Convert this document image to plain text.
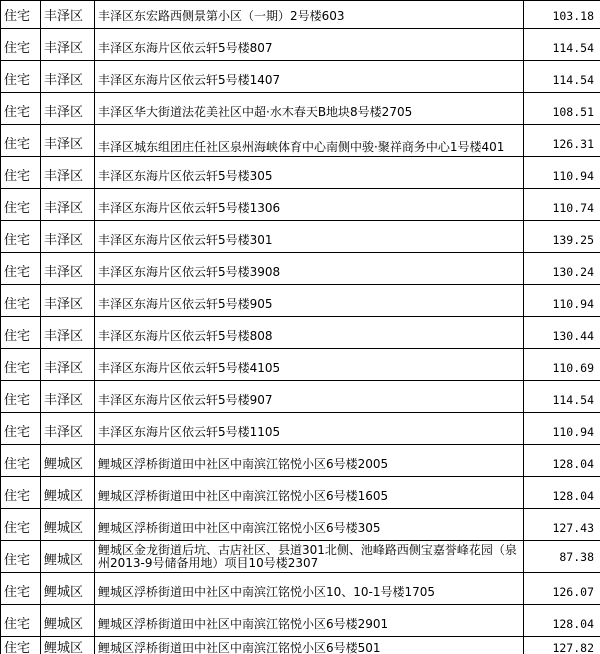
住宅	丰泽区	丰泽区东宏路西侧景第小区（一期）2号楼603	103.18
住宅	丰泽区	丰泽区东海片区依云轩5号楼807	114.54
住宅	丰泽区	丰泽区东海片区依云轩5号楼1407	114.54
住宅	丰泽区	丰泽区华大街道法花美社区中超·水木春天B地块8号楼2705	108.51
住宅	丰泽区	丰泽区城东组团庄任社区泉州海峡体育中心南侧中骏·聚祥商务中心1号楼401	126.31
住宅	丰泽区	丰泽区东海片区依云轩5号楼305	110.94
住宅	丰泽区	丰泽区东海片区依云轩5号楼1306	110.74
住宅	丰泽区	丰泽区东海片区依云轩5号楼301	139.25
住宅	丰泽区	丰泽区东海片区依云轩5号楼3908	130.24
住宅	丰泽区	丰泽区东海片区依云轩5号楼905	110.94
住宅	丰泽区	丰泽区东海片区依云轩5号楼808	130.44
住宅	丰泽区	丰泽区东海片区依云轩5号楼4105	110.69
住宅	丰泽区	丰泽区东海片区依云轩5号楼907	114.54
住宅	丰泽区	丰泽区东海片区依云轩5号楼1105	110.94
住宅	鲤城区	鲤城区浮桥街道田中社区中南滨江铭悦小区6号楼2005	128.04
住宅	鲤城区	鲤城区浮桥街道田中社区中南滨江铭悦小区6号楼1605	128.04
住宅	鲤城区	鲤城区浮桥街道田中社区中南滨江铭悦小区6号楼305	127.43
住宅	鲤城区	鲤城区金龙街道后坑、古店社区、县道301北侧、池峰路西侧宝嘉誉峰花园（泉州2013-9号储备用地）项目10号楼2307	87.38
住宅	鲤城区	鲤城区浮桥街道田中社区中南滨江铭悦小区10、10-1号楼1705	126.07
住宅	鲤城区	鲤城区浮桥街道田中社区中南滨江铭悦小区6号楼2901	128.04
住宅	鲤城区	鲤城区浮桥街道田中社区中南滨江铭悦小区6号楼501	127.82
